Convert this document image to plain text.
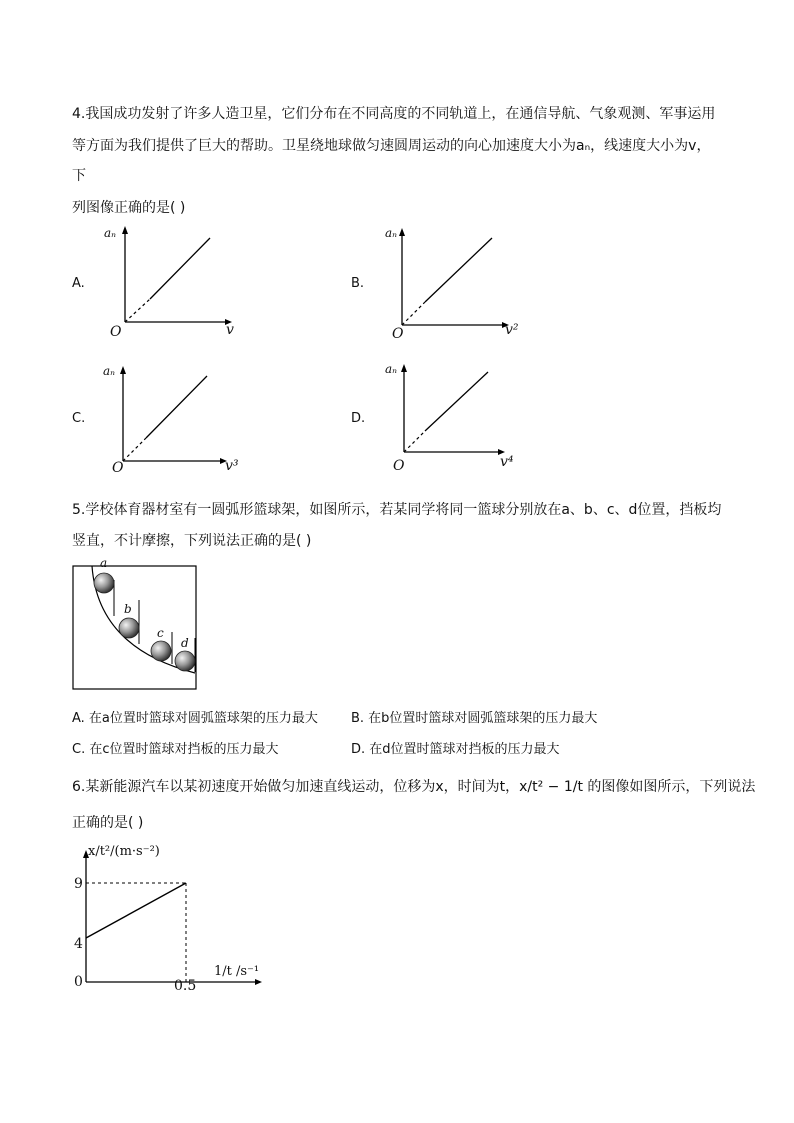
4.我国成功发射了许多人造卫星，它们分布在不同高度的不同轨道上，在通信导航、气象观测、军事运用
等方面为我们提供了巨大的帮助。卫星绕地球做匀速圆周运动的向心加速度大小为aₙ，线速度大小为v，
下
列图像正确的是( )
A.
aₙ
O	v
B.
aₙ
O	v²
C.
aₙ
O	v³
D.
aₙ
O	v⁴
5.学校体育器材室有一圆弧形篮球架，如图所示，若某同学将同一篮球分别放在a、b、c、d位置，挡板均
竖直，不计摩擦，下列说法正确的是( )
a
b
c
d
A. 在a位置时篮球对圆弧篮球架的压力最大	B. 在b位置时篮球对圆弧篮球架的压力最大
C. 在c位置时篮球对挡板的压力最大	D. 在d位置时篮球对挡板的压力最大
6.某新能源汽车以某初速度开始做匀加速直线运动，位移为x，时间为t，x/t² − 1/t 的图像如图所示，下列说法
正确的是( )
x/t²/(m·s⁻²)
1/t /s⁻¹
0
9
4
0.5
